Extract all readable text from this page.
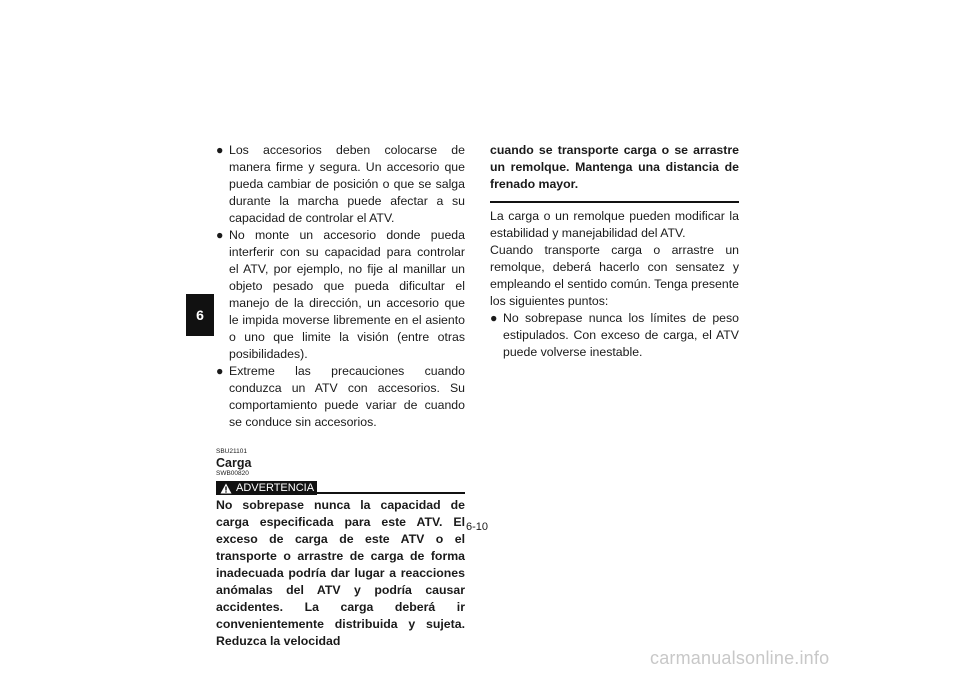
6
● Los accesorios deben colocarse de manera firme y segura. Un accesorio que pueda cambiar de posición o que se salga durante la marcha puede afectar a su capacidad de controlar el ATV.
● No monte un accesorio donde pueda interferir con su capacidad para controlar el ATV, por ejemplo, no fije al manillar un objeto pesado que pueda dificultar el manejo de la dirección, un accesorio que le impida moverse libremente en el asiento o uno que limite la visión (entre otras posibilidades).
● Extreme las precauciones cuando conduzca un ATV con accesorios. Su comportamiento puede variar de cuando se conduce sin accesorios.
SBU21101
Carga
SWB00820
ADVERTENCIA
No sobrepase nunca la capacidad de carga especificada para este ATV. El exceso de carga de este ATV o el transporte o arrastre de carga de forma inadecuada podría dar lugar a reacciones anómalas del ATV y podría causar accidentes. La carga deberá ir convenientemente distribuida y sujeta. Reduzca la velocidad
cuando se transporte carga o se arrastre un remolque. Mantenga una distancia de frenado mayor.
La carga o un remolque pueden modificar la estabilidad y manejabilidad del ATV.
Cuando transporte carga o arrastre un remolque, deberá hacerlo con sensatez y empleando el sentido común. Tenga presente los siguientes puntos:
● No sobrepase nunca los límites de peso estipulados. Con exceso de carga, el ATV puede volverse inestable.
6-10
carmanualsonline.info
